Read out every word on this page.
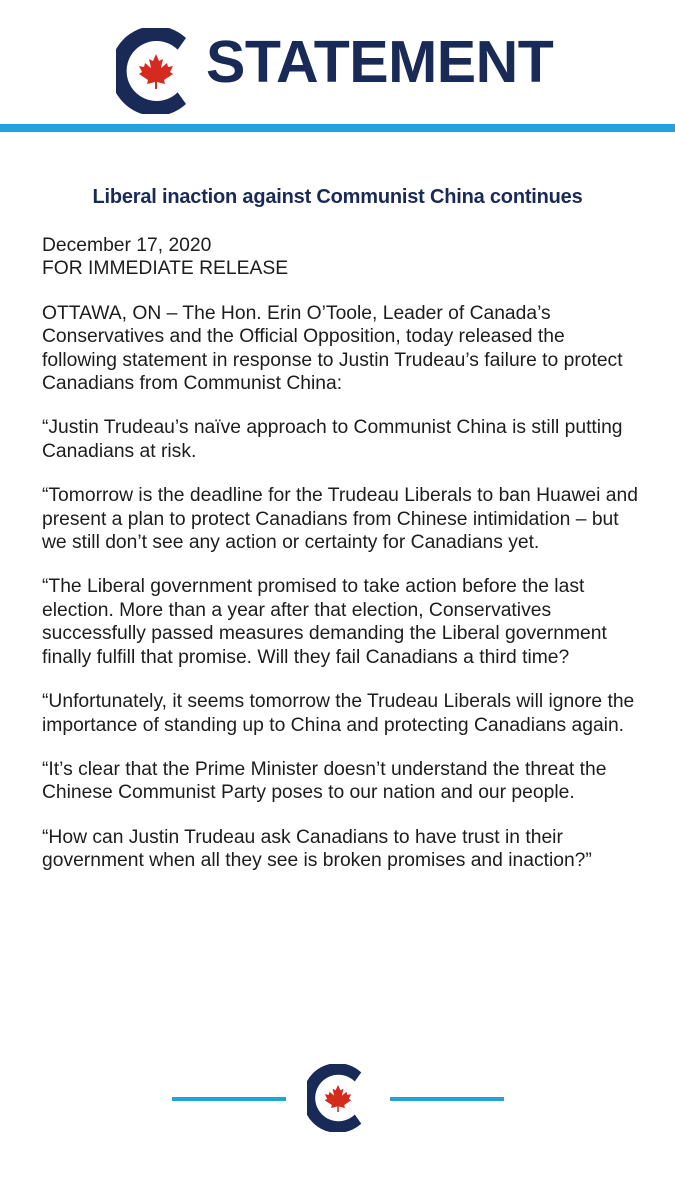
STATEMENT
Liberal inaction against Communist China continues

December 17, 2020
FOR IMMEDIATE RELEASE

OTTAWA, ON – The Hon. Erin O’Toole, Leader of Canada’s Conservatives and the Official Opposition, today released the following statement in response to Justin Trudeau’s failure to protect Canadians from Communist China:

“Justin Trudeau’s naïve approach to Communist China is still putting Canadians at risk.

“Tomorrow is the deadline for the Trudeau Liberals to ban Huawei and present a plan to protect Canadians from Chinese intimidation – but we still don’t see any action or certainty for Canadians yet.

“The Liberal government promised to take action before the last election. More than a year after that election, Conservatives successfully passed measures demanding the Liberal government finally fulfill that promise. Will they fail Canadians a third time?

“Unfortunately, it seems tomorrow the Trudeau Liberals will ignore the importance of standing up to China and protecting Canadians again.

“It’s clear that the Prime Minister doesn’t understand the threat the Chinese Communist Party poses to our nation and our people.

“How can Justin Trudeau ask Canadians to have trust in their government when all they see is broken promises and inaction?”
